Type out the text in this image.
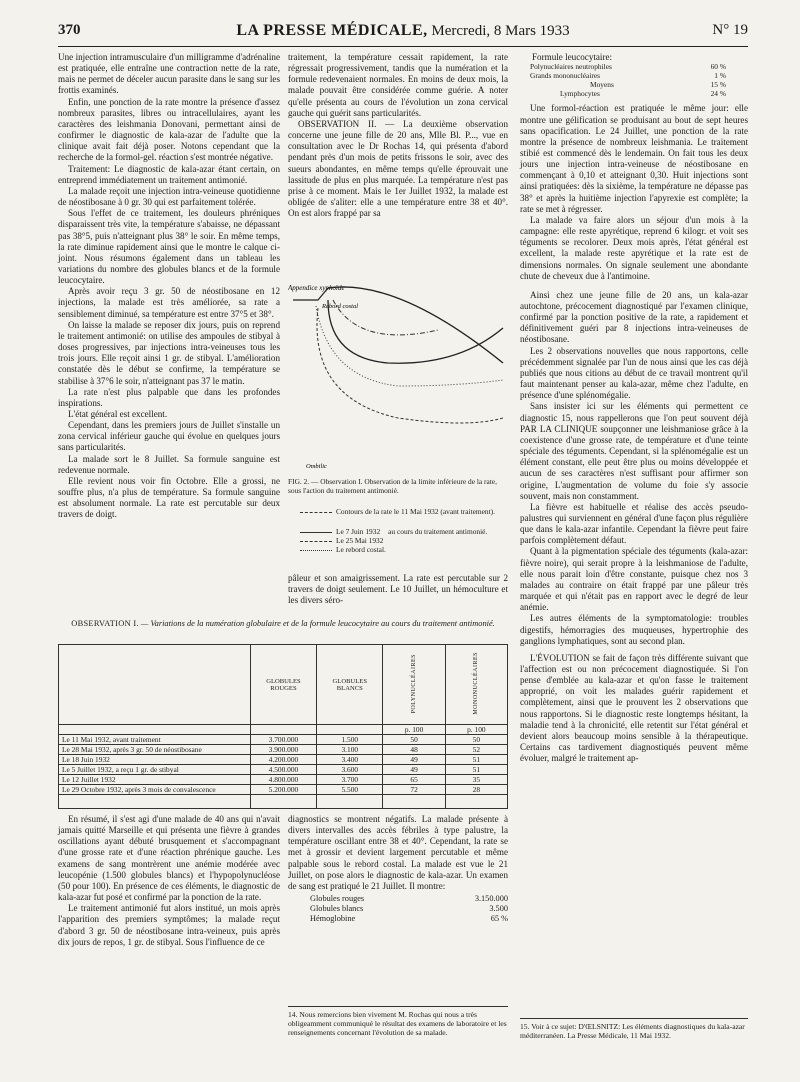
370	LA PRESSE MÉDICALE, Mercredi, 8 Mars 1933	N° 19

Une injection intramusculaire d'un milligramme d'adrénaline est pratiquée, elle entraîne une contraction nette de la rate, mais ne permet de déceler aucun parasite dans le sang sur les frottis examinés.

Enfin, une ponction de la rate montre la présence d'assez nombreux parasites, libres ou intracellulaires, ayant les caractères des leishmania Donovani, permettant ainsi de confirmer le diagnostic de kala-azar de l'adulte que la clinique avait fait déjà poser. Notons cependant que la recherche de la formol-gel. réaction s'est montrée négative.

Traitement: Le diagnostic de kala-azar étant certain, on entreprend immédiatement un traitement antimonié.

La malade reçoit une injection intra-veineuse quotidienne de néostibosane à 0 gr. 30 qui est parfaitement tolérée.

Sous l'effet de ce traitement, les douleurs phréniques disparaissent très vite, la température s'abaisse, ne dépassant pas 38°5, puis n'atteignant plus 38° le soir. En même temps, la rate diminue rapidement ainsi que le montre le calque ci-joint. Nous résumons également dans un tableau les variations du nombre des globules blancs et de la formule leucocytaire.

Après avoir reçu 3 gr. 50 de néostibosane en 12 injections, la malade est très améliorée, sa rate a sensiblement diminué, sa température est entre 37°5 et 38°.

On laisse la malade se reposer dix jours, puis on reprend le traitement antimonié: on utilise des ampoules de stibyal à doses progressives, par injections intra-veineuses tous les trois jours. Elle reçoit ainsi 1 gr. de stibyal. L'amélioration constatée dès le début se confirme, la température se stabilise à 37°6 le soir, n'atteignant pas 37 le matin.

La rate n'est plus palpable que dans les profondes inspirations.

L'état général est excellent.

Cependant, dans les premiers jours de Juillet s'installe un zona cervical inférieur gauche qui évolue en quelques jours sans particularités.

La malade sort le 8 Juillet. Sa formule sanguine est redevenue normale.

Elle revient nous voir fin Octobre. Elle a grossi, ne souffre plus, n'a plus de température. Sa formule sanguine est absolument normale. La rate est percutable sur deux travers de doigt.

traitement, la température cessait rapidement, la rate régressait progressivement, tandis que la numération et la formule redevenaient normales. En moins de deux mois, la malade pouvait être considérée comme guérie. A noter qu'elle présenta au cours de l'évolution un zona cervical gauche qui guérit sans particularités.

OBSERVATION II. — La deuxième observation concerne une jeune fille de 20 ans, Mlle Bl. P..., vue en consultation avec le Dr Rochas 14, qui présenta d'abord pendant près d'un mois de petits frissons le soir, avec des sueurs abondantes, en même temps qu'elle éprouvait une lassitude de plus en plus marquée. La température n'est pas prise à ce moment. Mais le 1er Juillet 1932, la malade est obligée de s'aliter: elle a une température entre 38 et 40°. On est alors frappé par sa

Appendice xyphoïde
Rebord costal
Ombilic
FIG. 2. — Observation I. Observation de la limite inférieure de la rate, sous l'action du traitement antimonié.
Contours de la rate le 11 Mai 1932 (avant traitement).
Le 7 Juin 1932 au cours du traitement antimonié.
Le 25 Mai 1932
Le rebord costal.

pâleur et son amaigrissement. La rate est percutable sur 2 travers de doigt seulement. Le 10 Juillet, un hémoculture et les divers séro-

OBSERVATION I. — Variations de la numération globulaire et de la formule leucocytaire au cours du traitement antimonié.
	GLOBULES ROUGES	GLOBULES BLANCS	POLYNUCLÉAIRES	MONONUCLÉAIRES
			p. 100	p. 100
Le 11 Mai 1932, avant traitement	3.700.000	1.500	50	50
Le 28 Mai 1932, après 3 gr. 50 de néostibosane	3.900.000	3.100	48	52
Le 18 Juin 1932	4.200.000	3.400	49	51
Le 5 Juillet 1932, a reçu 1 gr. de stibyal	4.500.000	3.600	49	51
Le 12 Juillet 1932	4.800.000	3.700	65	35
Le 29 Octobre 1932, après 3 mois de convalescence	5.200.000	5.500	72	28

En résumé, il s'est agi d'une malade de 40 ans qui n'avait jamais quitté Marseille et qui présenta une fièvre à grandes oscillations ayant débuté brusquement et s'accompagnant d'une grosse rate et d'une réaction phrénique gauche. Les examens de sang montrèrent une anémie modérée avec leucopénie (1.500 globules blancs) et l'hypopolynucléose (50 pour 100). En présence de ces éléments, le diagnostic de kala-azar fut posé et confirmé par la ponction de la rate.

Le traitement antimonié fut alors institué, un mois après l'apparition des premiers symptômes; la malade reçut d'abord 3 gr. 50 de néostibosane intra-veineux, puis après dix jours de repos, 1 gr. de stibyal. Sous l'influence de ce

diagnostics se montrent négatifs. La malade présente à divers intervalles des accès fébriles à type palustre, la température oscillant entre 38 et 40°. Cependant, la rate se met à grossir et devient largement percutable et même palpable sous le rebord costal. La malade est vue le 21 Juillet, on pose alors le diagnostic de kala-azar. Un examen de sang est pratiqué le 21 Juillet. Il montre:

Globules rouges	3.150.000
Globules blancs	3.500
Hémoglobine	65 %
14. Nous remercions bien vivement M. Rochas qui nous a très obligeamment communiqué le résultat des examens de laboratoire et les renseignements concernant l'évolution de sa malade.

Formule leucocytaire:

Polynucléaires neutrophiles	60 %
Grands mononucléaires	1 %
Moyens	15 %
Lymphocytes	24 %

Une formol-réaction est pratiquée le même jour: elle montre une gélification se produisant au bout de sept heures sans opacification. Le 24 Juillet, une ponction de la rate montre la présence de nombreux leishmania. Le traitement stibié est commencé dès le lendemain. On fait tous les deux jours une injection intra-veineuse de néostibosane en commençant à 0,10 et atteignant 0,30. Huit injections sont ainsi pratiquées: dès la sixième, la température ne dépasse pas 38° et après la huitième injection l'apyrexie est complète; la rate se met à régresser.

La malade va faire alors un séjour d'un mois à la campagne: elle reste apyrétique, reprend 6 kilogr. et voit ses téguments se recolorer. Deux mois après, l'état général est excellent, la malade reste apyrétique et la rate est de dimensions normales. On signale seulement une abondante chute de cheveux due à l'antimoine.

Ainsi chez une jeune fille de 20 ans, un kala-azar autochtone, précocement diagnostiqué par l'examen clinique, confirmé par la ponction positive de la rate, a rapidement et définitivement guéri par 8 injections intra-veineuses de néostibosane.

Les 2 observations nouvelles que nous rapportons, celle précédemment signalée par l'un de nous ainsi que les cas déjà publiés que nous citions au début de ce travail montrent qu'il faut maintenant penser au kala-azar, même chez l'adulte, en présence d'une splénomégalie.

Sans insister ici sur les éléments qui permettent ce diagnostic 15, nous rappellerons que l'on peut souvent déjà PAR LA CLINIQUE soupçonner une leishmaniose grâce à la coexistence d'une grosse rate, de température et d'une teinte spéciale des téguments. Cependant, si la splénomégalie est un élément constant, elle peut être plus ou moins développée et aucun de ses caractères n'est suffisant pour affirmer son origine, L'augmentation de volume du foie s'y associe souvent, mais non constamment.

La fièvre est habituelle et réalise des accès pseudo-palustres qui surviennent en général d'une façon plus régulière que dans le kala-azar infantile. Cependant la fièvre peut faire parfois complètement défaut.

Quant à la pigmentation spéciale des téguments (kala-azar: fièvre noire), qui serait propre à la leishmaniose de l'adulte, elle nous parait loin d'être constante, puisque chez nos 3 malades au contraire on était frappé par une pâleur très marquée et qui n'était pas en rapport avec le degré de leur anémie.

Les autres éléments de la symptomatologie: troubles digestifs, hémorragies des muqueuses, hypertrophie des ganglions lymphatiques, sont au second plan.

L'ÉVOLUTION se fait de façon très différente suivant que l'affection est ou non précocement diagnostiquée. Si l'on pense d'emblée au kala-azar et qu'on fasse le traitement approprié, on voit les malades guérir rapidement et complètement, ainsi que le prouvent les 2 observations que nous rapportons. Si le diagnostic reste longtemps hésitant, la maladie tend à la chronicité, elle retentit sur l'état général et devient alors beaucoup moins sensible à la thérapeutique. Certains cas tardivement diagnostiqués peuvent même évoluer, malgré le traitement ap-

15. Voir à ce sujet: D'ŒLSNITZ: Les éléments diagnostiques du kala-azar méditerranéen. La Presse Médicale, 11 Mai 1932.
